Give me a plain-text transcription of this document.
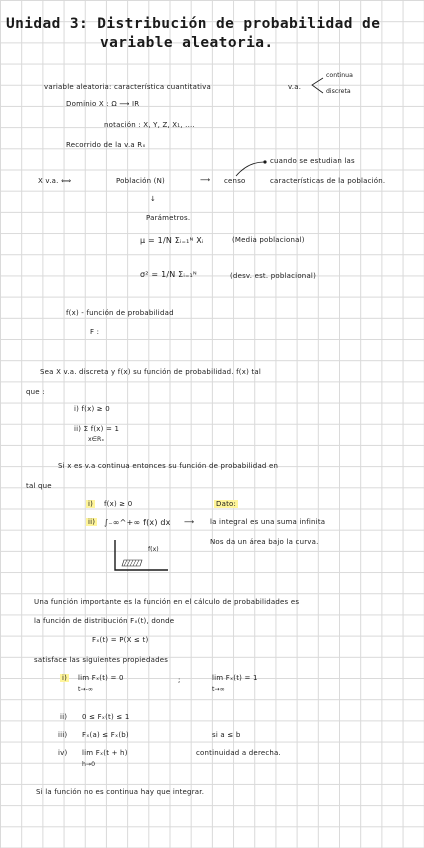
Unidad 3: Distribución de probabilidad de
variable aleatoria.
variable aleatoria: característica cuantitativa	v.a.
continua
discreta
Dominio X : Ω ⟶ IR
notación : X, Y, Z, X₁, ....
Recorrido de la v.a Rₓ
X v.a. ⟺	Población (N)	⟶ censo
cuando se estudian las
características de la población.
↓
Parámetros.
μ = 1/N Σᵢ₌₁ᴺ Xᵢ	(Media poblacional)
σ² = 1/N Σᵢ₌₁ᴺ	(desv. est. poblacional)
f(x) - función de probabilidad
F :
Sea X v.a. discreta y f(x) su función de probabilidad. f(x) tal
que :
i) f(x) ≥ 0
ii) Σ f(x) = 1
x∈Rₓ
Si x es v.a continua entonces su función de probabilidad en
tal que
i) f(x) ≥ 0	Dato:
ii) ∫₋∞^+∞ f(x) dx ⟶ la integral es una suma infinita
Nos da un área bajo la curva.
f(x)
Una función importante es la función en el cálculo de probabilidades es
la función de distribución Fₓ(t), donde
Fₓ(t) = P(X ≤ t)
satisface las siguientes propiedades
i) lim Fₓ(t) = 0
t→-∞
;	lim Fₓ(t) = 1
t→∞
ii) 0 ≤ Fₓ(t) ≤ 1
iii) Fₓ(a) ≤ Fₓ(b)	si a ≤ b
iv) lim Fₓ(t + h)
h→0
continuidad a derecha.
Si la función no es continua hay que integrar.
